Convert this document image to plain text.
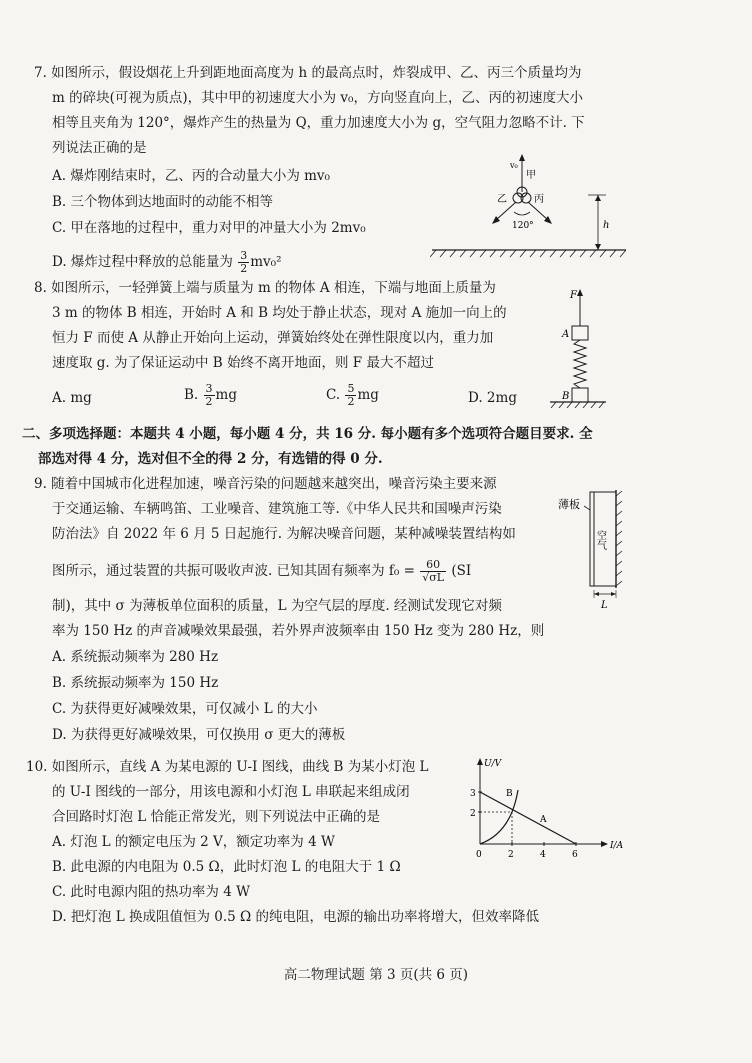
7. 如图所示，假设烟花上升到距地面高度为 h 的最高点时，炸裂成甲、乙、丙三个质量均为
m 的碎块(可视为质点)，其中甲的初速度大小为 v₀，方向竖直向上，乙、丙的初速度大小
相等且夹角为 120°，爆炸产生的热量为 Q，重力加速度大小为 g，空气阻力忽略不计. 下
列说法正确的是
A. 爆炸刚结束时，乙、丙的合动量大小为 mv₀
B. 三个物体到达地面时的动能不相等
C. 甲在落地的过程中，重力对甲的冲量大小为 2mv₀
D. 爆炸过程中释放的总能量为 $\frac{3}{2} mv_0^2$
v₀
甲
乙	丙
120°	h
8. 如图所示，一轻弹簧上端与质量为 m 的物体 A 相连，下端与地面上质量为
3 m 的物体 B 相连，开始时 A 和 B 均处于静止状态，现对 A 施加一向上的
恒力 F 而使 A 从静止开始向上运动，弹簧始终处在弹性限度以内，重力加
速度取 g. 为了保证运动中 B 始终不离开地面，则 F 最大不超过
A. mg	B. $\frac{3}{2}$ mg	C. $\frac{5}{2}$ mg	D. 2mg
F
A
B
二、多项选择题：本题共 4 小题，每小题 4 分，共 16 分. 每小题有多个选项符合题目要求. 全
部选对得 4 分，选对但不全的得 2 分，有选错的得 0 分.
9. 随着中国城市化进程加速，噪音污染的问题越来越突出，噪音污染主要来源
于交通运输、车辆鸣笛、工业噪音、建筑施工等.《中华人民共和国噪声污染
防治法》自 2022 年 6 月 5 日起施行. 为解决噪音问题，某种减噪装置结构如
图所示，通过装置的共振可吸收声波. 已知其固有频率为 $f_0 = \frac{60}{√\sigma L} (SI$
制)，其中 σ 为薄板单位面积的质量，L 为空气层的厚度. 经测试发现它对频
率为 150 Hz 的声音减噪效果最强，若外界声波频率由 150 Hz 变为 280 Hz，则
A. 系统振动频率为 280 Hz
B. 系统振动频率为 150 Hz
C. 为获得更好减噪效果，可仅减小 L 的大小
D. 为获得更好减噪效果，可仅换用 σ 更大的薄板
薄板
空气
L
10. 如图所示，直线 A 为某电源的 U-I 图线，曲线 B 为某小灯泡 L
的 U-I 图线的一部分，用该电源和小灯泡 L 串联起来组成闭
合回路时灯泡 L 恰能正常发光，则下列说法中正确的是
A. 灯泡 L 的额定电压为 2 V，额定功率为 4 W
B. 此电源的内电阻为 0.5 Ω，此时灯泡 L 的电阻大于 1 Ω
C. 此时电源内阻的热功率为 4 W
D. 把灯泡 L 换成阻值恒为 0.5 Ω 的纯电阻，电源的输出功率将增大，但效率降低
U/V
I/A
3
2
0	2	4	6
B
A
高二物理试题 第 3 页(共 6 页)
